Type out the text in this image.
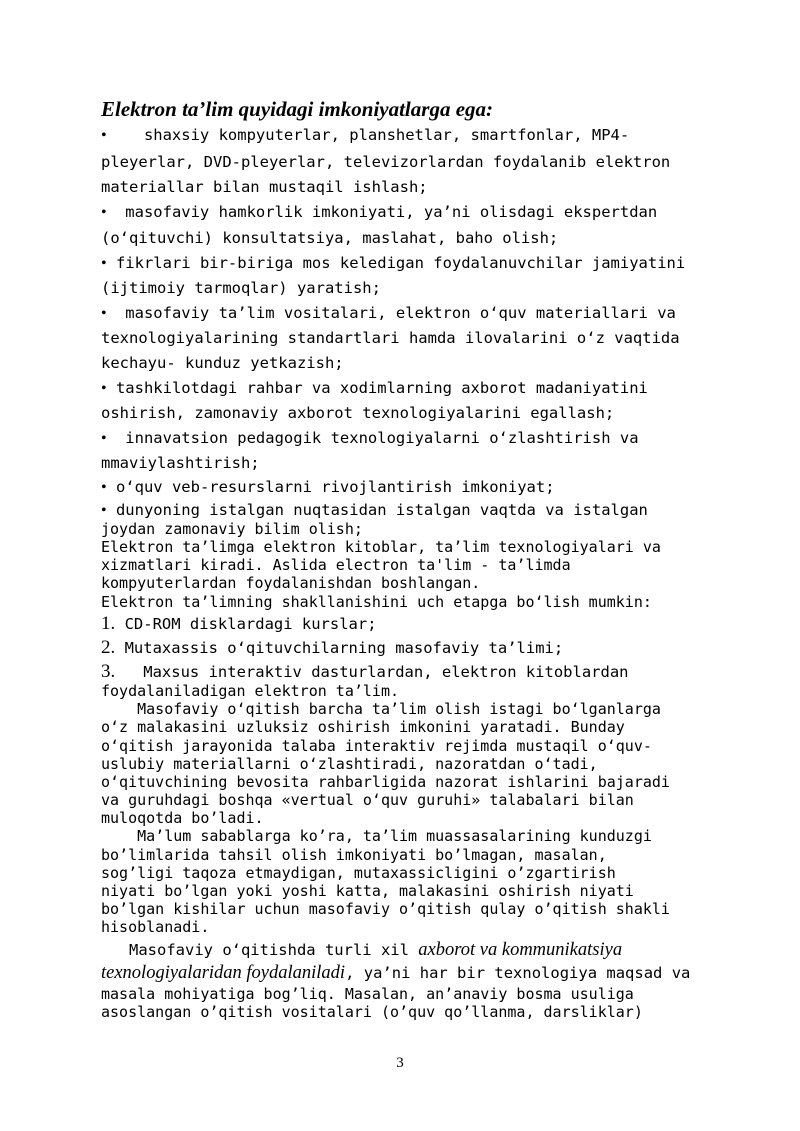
Elektron ta’lim quyidagi imkoniyatlarga ega:
• shaxsiy kompyuterlar, planshetlar, smartfonlar, MP4-
pleyerlar, DVD-pleyerlar, televizorlardan foydalanib elektron
materiallar bilan mustaqil ishlash;
• masofaviy hamkorlik imkoniyati, ya’ni olisdagi ekspertdan
(o‘qituvchi) konsultatsiya, maslahat, baho olish;
• fikrlari bir-biriga mos keledigan foydalanuvchilar jamiyatini
(ijtimoiy tarmoqlar) yaratish;
• masofaviy ta’lim vositalari, elektron o‘quv materiallari va
texnologiyalarining standartlari hamda ilovalarini o‘z vaqtida
kechayu- kunduz yetkazish;
• tashkilotdagi rahbar va xodimlarning axborot madaniyatini
oshirish, zamonaviy axborot texnologiyalarini egallash;
• innavatsion pedagogik texnologiyalarni o‘zlashtirish va
mmaviylashtirish;
• o‘quv veb-resurslarni rivojlantirish imkoniyat;
• dunyoning istalgan nuqtasidan istalgan vaqtda va istalgan
joydan zamonaviy bilim olish;
Elektron ta’limga elektron kitoblar, ta’lim texnologiyalari va
xizmatlari kiradi. Aslida electron ta'lim - ta’limda
kompyuterlardan foydalanishdan boshlangan.
Elektron ta’limning shakllanishini uch etapga bo‘lish mumkin:
1. CD-ROM disklardagi kurslar;
2. Mutaxassis o‘qituvchilarning masofaviy ta’limi;
3. Maxsus interaktiv dasturlardan, elektron kitoblardan
foydalaniladigan elektron ta’lim.
Masofaviy o‘qitish barcha ta’lim olish istagi bo‘lganlarga
o‘z malakasini uzluksiz oshirish imkonini yaratadi. Bunday
o‘qitish jarayonida talaba interaktiv rejimda mustaqil o‘quv-
uslubiy materiallarni o‘zlashtiradi, nazoratdan o‘tadi,
o‘qituvchining bevosita rahbarligida nazorat ishlarini bajaradi
va guruhdagi boshqa «vertual o‘quv guruhi» talabalari bilan
muloqotda bo’ladi.
Ma’lum sabablarga ko’ra, ta’lim muassasalarining kunduzgi
bo’limlarida tahsil olish imkoniyati bo’lmagan, masalan,
sog’ligi taqoza etmaydigan, mutaxassicligini o’zgartirish
niyati bo’lgan yoki yoshi katta, malakasini oshirish niyati
bo’lgan kishilar uchun masofaviy o’qitish qulay o’qitish shakli
hisoblanadi.
Masofaviy o‘qitishda turli xil axborot va kommunikatsiya
texnologiyalaridan foydalaniladi, ya’ni har bir texnologiya maqsad va
masala mohiyatiga bog’liq. Masalan, an’anaviy bosma usuliga
asoslangan o’qitish vositalari (o’quv qo’llanma, darsliklar)
3
